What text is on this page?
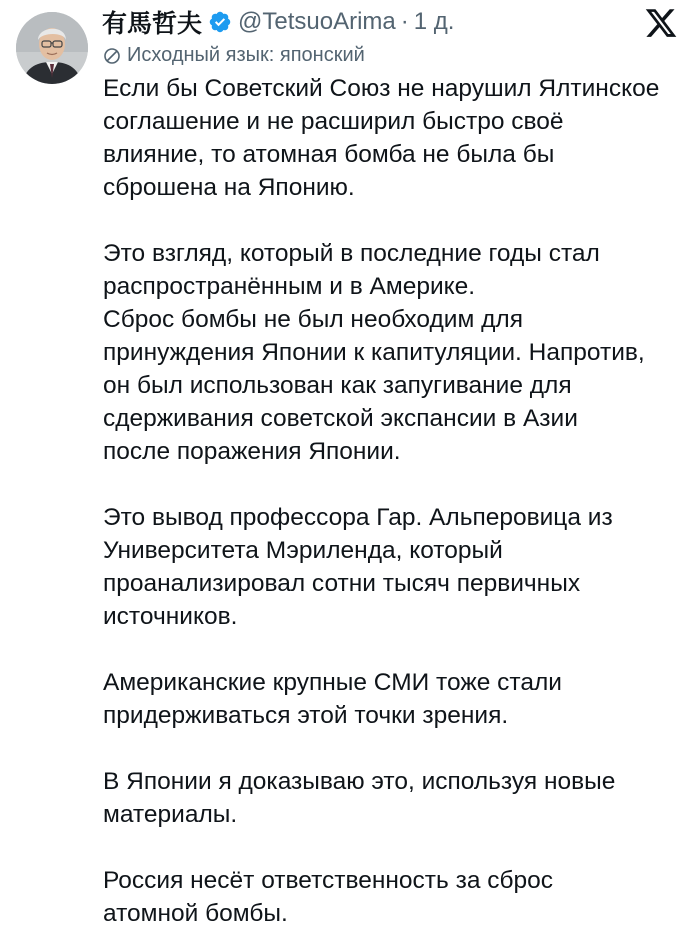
有馬哲夫 @TetsuoArima · 1 д.
Исходный язык: японский

Если бы Советский Союз не нарушил Ялтинское
соглашение и не расширил быстро своё
влияние, то атомная бомба не была бы
сброшена на Японию.

Это взгляд, который в последние годы стал
распространённым и в Америке.
Сброс бомбы не был необходим для
принуждения Японии к капитуляции. Напротив,
он был использован как запугивание для
сдерживания советской экспансии в Азии
после поражения Японии.

Это вывод профессора Гар. Альперовица из
Университета Мэриленда, который
проанализировал сотни тысяч первичных
источников.

Американские крупные СМИ тоже стали
придерживаться этой точки зрения.

В Японии я доказываю это, используя новые
материалы.

Россия несёт ответственность за сброс
атомной бомбы.
